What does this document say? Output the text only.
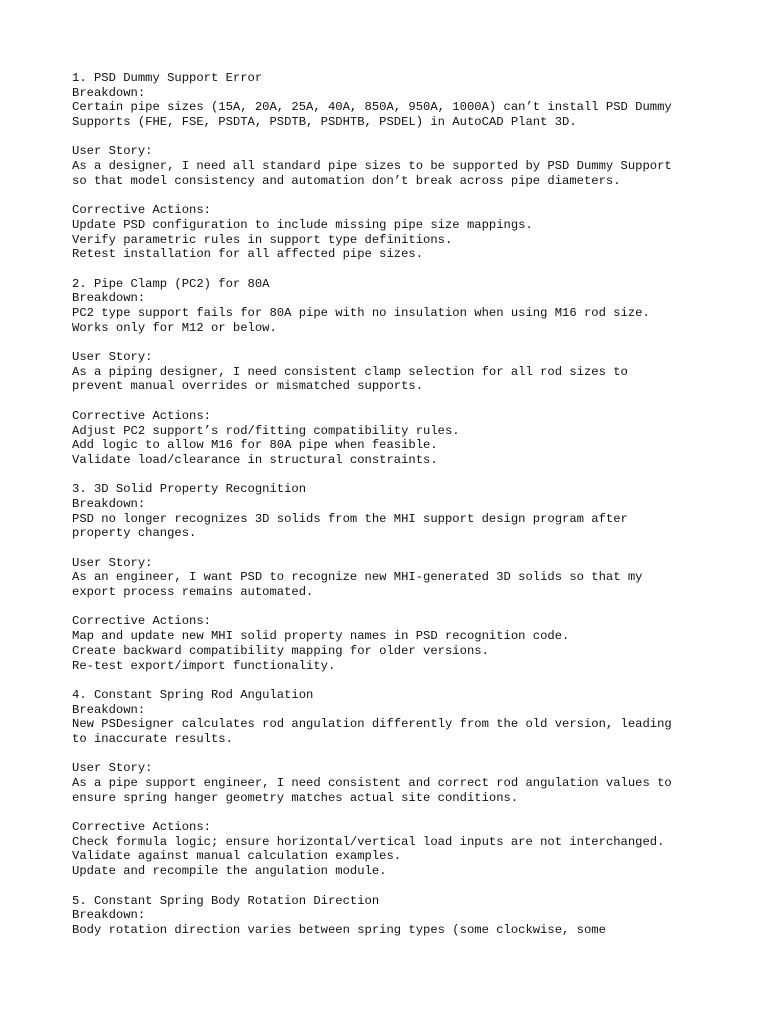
1. PSD Dummy Support Error
Breakdown:
Certain pipe sizes (15A, 20A, 25A, 40A, 850A, 950A, 1000A) can’t install PSD Dummy
Supports (FHE, FSE, PSDTA, PSDTB, PSDHTB, PSDEL) in AutoCAD Plant 3D.
User Story:
As a designer, I need all standard pipe sizes to be supported by PSD Dummy Support
so that model consistency and automation don’t break across pipe diameters.
Corrective Actions:
Update PSD configuration to include missing pipe size mappings.
Verify parametric rules in support type definitions.
Retest installation for all affected pipe sizes.
2. Pipe Clamp (PC2) for 80A
Breakdown:
PC2 type support fails for 80A pipe with no insulation when using M16 rod size.
Works only for M12 or below.
User Story:
As a piping designer, I need consistent clamp selection for all rod sizes to
prevent manual overrides or mismatched supports.
Corrective Actions:
Adjust PC2 support’s rod/fitting compatibility rules.
Add logic to allow M16 for 80A pipe when feasible.
Validate load/clearance in structural constraints.
3. 3D Solid Property Recognition
Breakdown:
PSD no longer recognizes 3D solids from the MHI support design program after
property changes.
User Story:
As an engineer, I want PSD to recognize new MHI-generated 3D solids so that my
export process remains automated.
Corrective Actions:
Map and update new MHI solid property names in PSD recognition code.
Create backward compatibility mapping for older versions.
Re-test export/import functionality.
4. Constant Spring Rod Angulation
Breakdown:
New PSDesigner calculates rod angulation differently from the old version, leading
to inaccurate results.
User Story:
As a pipe support engineer, I need consistent and correct rod angulation values to
ensure spring hanger geometry matches actual site conditions.
Corrective Actions:
Check formula logic; ensure horizontal/vertical load inputs are not interchanged.
Validate against manual calculation examples.
Update and recompile the angulation module.
5. Constant Spring Body Rotation Direction
Breakdown:
Body rotation direction varies between spring types (some clockwise, some
